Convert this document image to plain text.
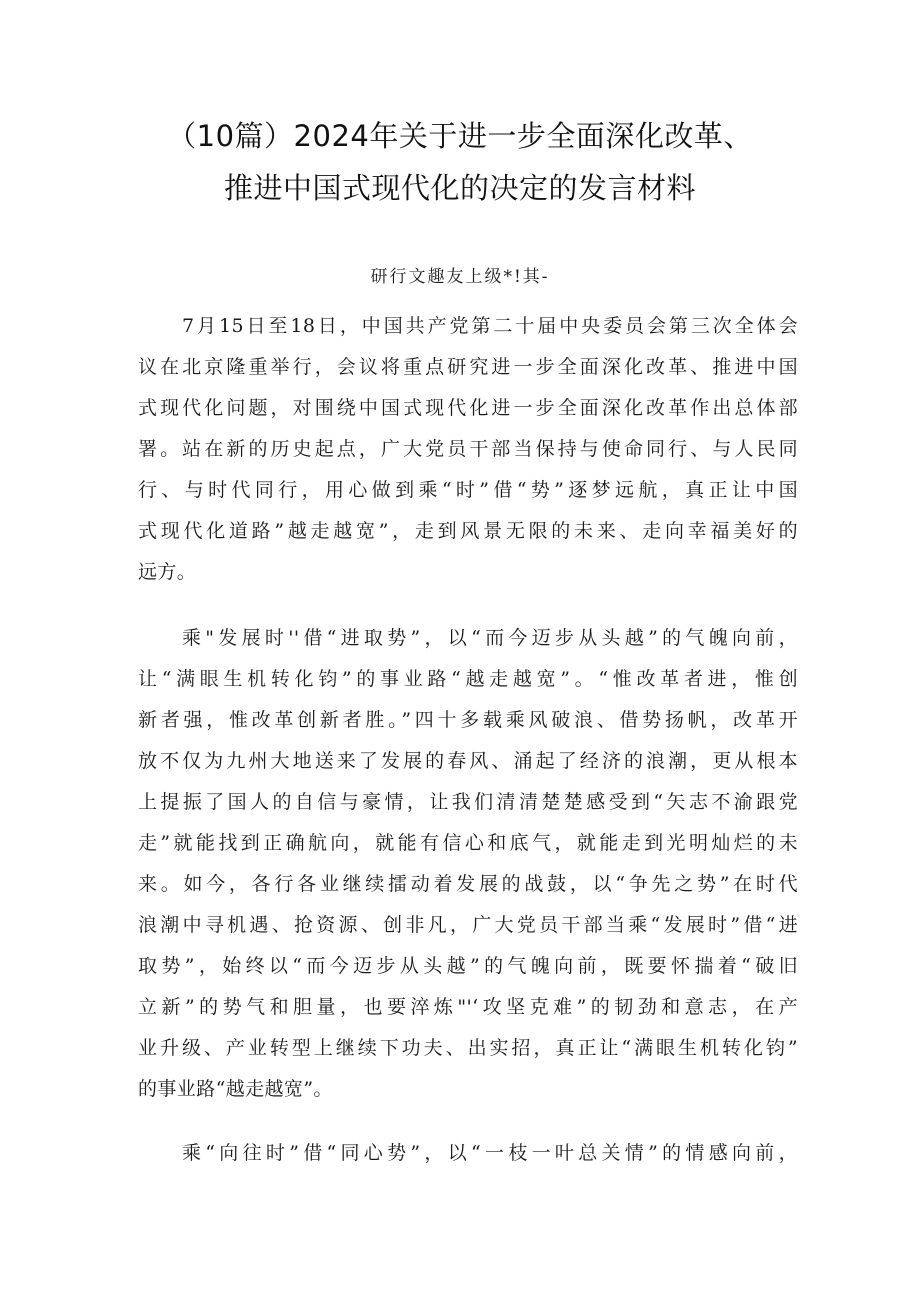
（10篇）2024年关于进一步全面深化改革、
推进中国式现代化的决定的发言材料

研行文趣友上级*!其-

7月15日至18日，中国共产党第二十届中央委员会第三次全体会

议在北京隆重举行，会议将重点研究进一步全面深化改革、推进中国

式现代化问题，对围绕中国式现代化进一步全面深化改革作出总体部

署。站在新的历史起点，广大党员干部当保持与使命同行、与人民同

行、与时代同行，用心做到乘“时”借“势”逐梦远航，真正让中国

式现代化道路”越走越宽”，走到风景无限的未来、走向幸福美好的

远方。

乘"发展时''借“进取势”，以“而今迈步从头越”的气魄向前，

让“满眼生机转化钧”的事业路“越走越宽”。“惟改革者进，惟创

新者强，惟改革创新者胜。”四十多载乘风破浪、借势扬帆，改革开

放不仅为九州大地送来了发展的春风、涌起了经济的浪潮，更从根本

上提振了国人的自信与豪情，让我们清清楚楚感受到“矢志不渝跟党

走”就能找到正确航向，就能有信心和底气，就能走到光明灿烂的未

来。如今，各行各业继续擂动着发展的战鼓，以“争先之势”在时代

浪潮中寻机遇、抢资源、创非凡，广大党员干部当乘“发展时”借“进

取势”，始终以“而今迈步从头越”的气魄向前，既要怀揣着“破旧

立新”的势气和胆量，也要淬炼"'‘攻坚克难”的韧劲和意志，在产

业升级、产业转型上继续下功夫、出实招，真正让“满眼生机转化钧”

的事业路“越走越宽”。

乘“向往时”借“同心势”，以“一枝一叶总关情”的情感向前，
